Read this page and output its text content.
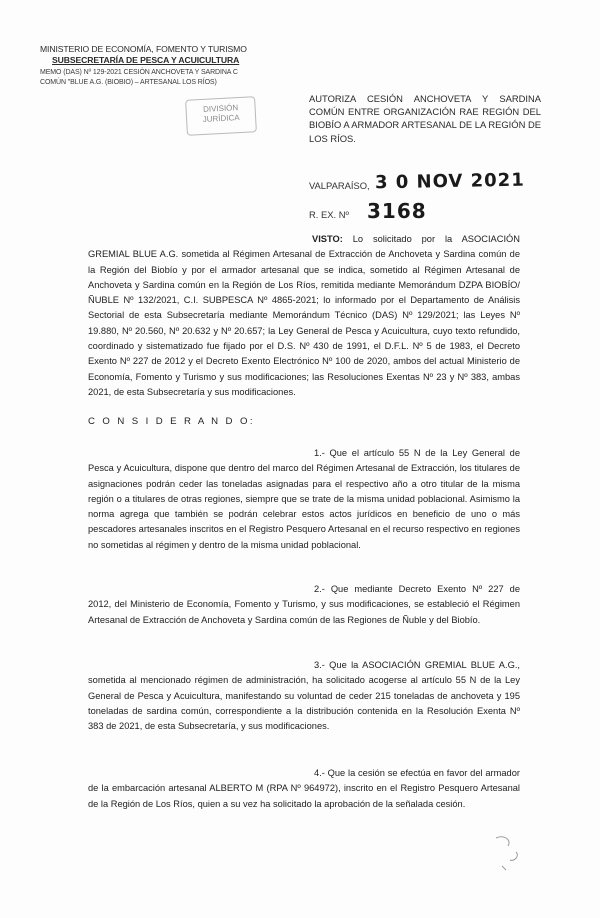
MINISTERIO DE ECONOMÍA, FOMENTO Y TURISMO
SUBSECRETARÍA DE PESCA Y ACUICULTURA
MEMO (DAS) Nº 129-2021 CESIÓN ANCHOVETA Y SARDINA C
COMÚN "BLUE A.G. (BIOBIO) – ARTESANAL LOS RÍOS)
DIVISIÓN
JURÍDICA
AUTORIZA CESIÓN ANCHOVETA Y SARDINA COMÚN ENTRE ORGANIZACIÓN RAE REGIÓN DEL BIOBÍO A ARMADOR ARTESANAL DE LA REGIÓN DE LOS RÍOS.
VALPARAÍSO, 3 0 NOV 2021
R. EX. Nº 3168
VISTO: Lo solicitado por la ASOCIACIÓN GREMIAL BLUE A.G. sometida al Régimen Artesanal de Extracción de Anchoveta y Sardina común de la Región del Biobío y por el armador artesanal que se indica, sometido al Régimen Artesanal de Anchoveta y Sardina común en la Región de Los Ríos, remitida mediante Memorándum DZPA BIOBÍO/ÑUBLE Nº 132/2021, C.I. SUBPESCA Nº 4865-2021; lo informado por el Departamento de Análisis Sectorial de esta Subsecretaría mediante Memorándum Técnico (DAS) Nº 129/2021; las Leyes Nº 19.880, Nº 20.560, Nº 20.632 y Nº 20.657; la Ley General de Pesca y Acuicultura, cuyo texto refundido, coordinado y sistematizado fue fijado por el D.S. Nº 430 de 1991, el D.F.L. Nº 5 de 1983, el Decreto Exento Nº 227 de 2012 y el Decreto Exento Electrónico Nº 100 de 2020, ambos del actual Ministerio de Economía, Fomento y Turismo y sus modificaciones; las Resoluciones Exentas Nº 23 y Nº 383, ambas 2021, de esta Subsecretaría y sus modificaciones.
C O N S I D E R A N D O:
1.- Que el artículo 55 N de la Ley General de Pesca y Acuicultura, dispone que dentro del marco del Régimen Artesanal de Extracción, los titulares de asignaciones podrán ceder las toneladas asignadas para el respectivo año a otro titular de la misma región o a titulares de otras regiones, siempre que se trate de la misma unidad poblacional. Asimismo la norma agrega que también se podrán celebrar estos actos jurídicos en beneficio de uno o más pescadores artesanales inscritos en el Registro Pesquero Artesanal en el recurso respectivo en regiones no sometidas al régimen y dentro de la misma unidad poblacional.
2.- Que mediante Decreto Exento Nº 227 de 2012, del Ministerio de Economía, Fomento y Turismo, y sus modificaciones, se estableció el Régimen Artesanal de Extracción de Anchoveta y Sardina común de las Regiones de Ñuble y del Biobío.
3.- Que la ASOCIACIÓN GREMIAL BLUE A.G., sometida al mencionado régimen de administración, ha solicitado acogerse al artículo 55 N de la Ley General de Pesca y Acuicultura, manifestando su voluntad de ceder 215 toneladas de anchoveta y 195 toneladas de sardina común, correspondiente a la distribución contenida en la Resolución Exenta Nº 383 de 2021, de esta Subsecretaría, y sus modificaciones.
4.- Que la cesión se efectúa en favor del armador de la embarcación artesanal ALBERTO M (RPA Nº 964972), inscrito en el Registro Pesquero Artesanal de la Región de Los Ríos, quien a su vez ha solicitado la aprobación de la señalada cesión.
